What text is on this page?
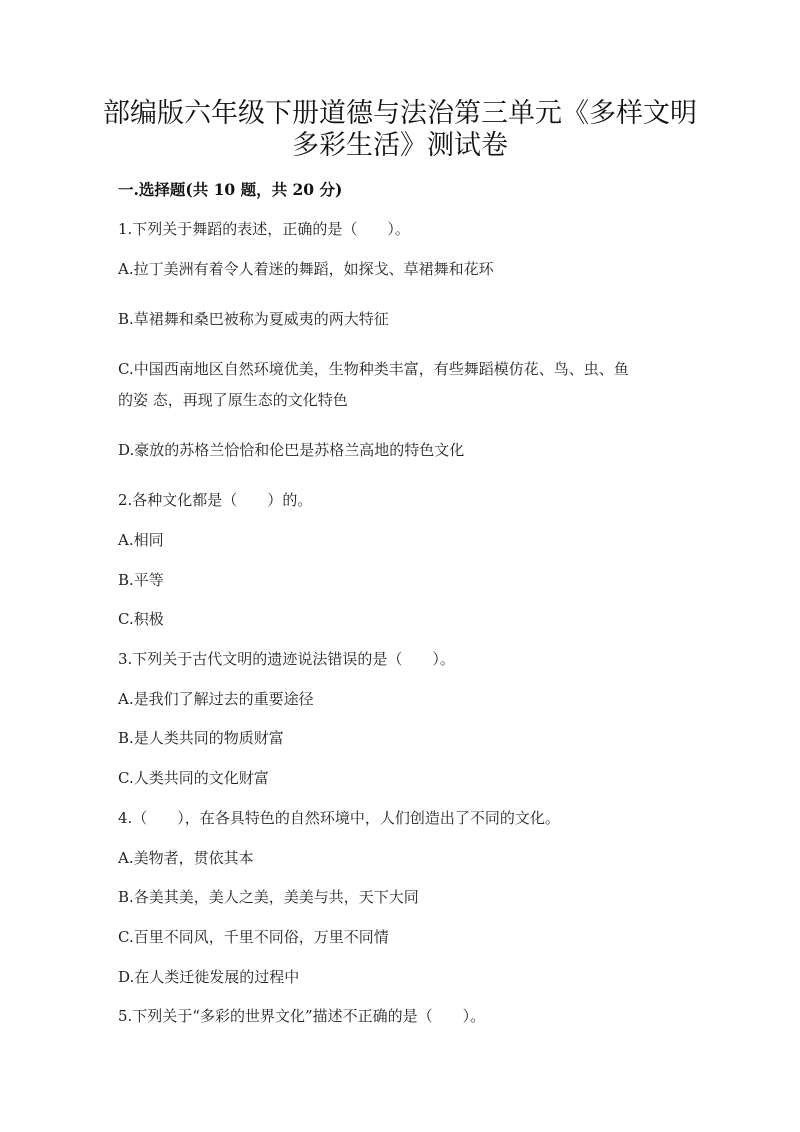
部编版六年级下册道德与法治第三单元《多样文明
多彩生活》测试卷
一.选择题(共 10 题，共 20 分)
1.下列关于舞蹈的表述，正确的是（　　）。
A.拉丁美洲有着令人着迷的舞蹈，如探戈、草裙舞和花环
B.草裙舞和桑巴被称为夏威夷的两大特征
C.中国西南地区自然环境优美，生物种类丰富，有些舞蹈模仿花、鸟、虫、鱼
的姿 态，再现了原生态的文化特色
D.豪放的苏格兰恰恰和伦巴是苏格兰高地的特色文化
2.各种文化都是（　　）的。
A.相同
B.平等
C.积极
3.下列关于古代文明的遗迹说法错误的是（　　）。
A.是我们了解过去的重要途径
B.是人类共同的物质财富
C.人类共同的文化财富
4.（　　），在各具特色的自然环境中，人们创造出了不同的文化。
A.美物者，贯依其本
B.各美其美，美人之美，美美与共，天下大同
C.百里不同风，千里不同俗，万里不同情
D.在人类迁徙发展的过程中
5.下列关于“多彩的世界文化”描述不正确的是（　　）。
